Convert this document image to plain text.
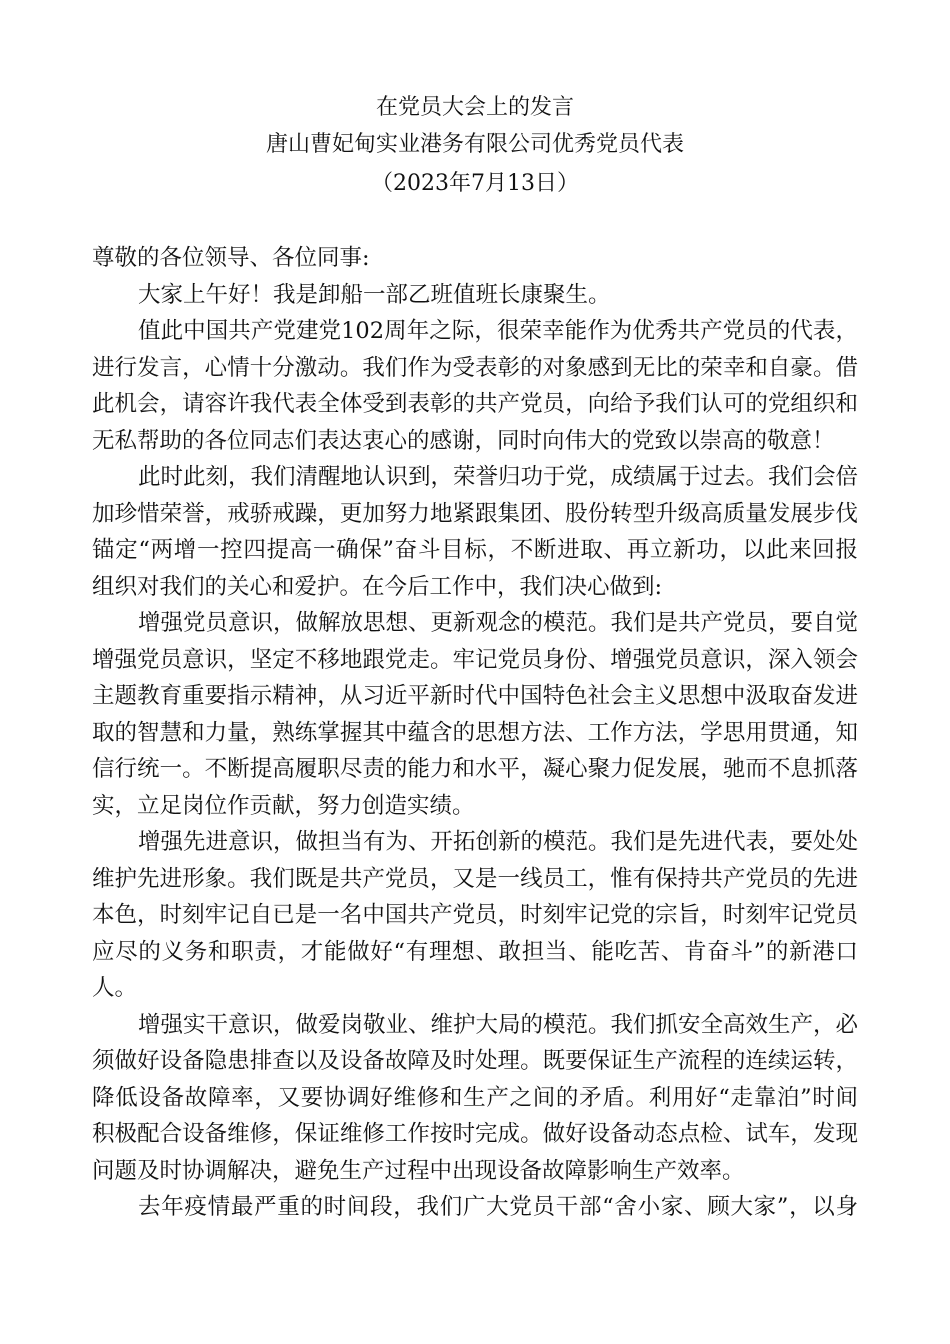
在党员大会上的发言
唐山曹妃甸实业港务有限公司优秀党员代表
（2023年7月13日）
尊敬的各位领导、各位同事:
大家上午好！我是卸船一部乙班值班长康聚生。
值此中国共产党建党102周年之际，很荣幸能作为优秀共产党员的代表，
进行发言，心情十分激动。我们作为受表彰的对象感到无比的荣幸和自豪。借
此机会，请容许我代表全体受到表彰的共产党员，向给予我们认可的党组织和
无私帮助的各位同志们表达衷心的感谢，同时向伟大的党致以崇高的敬意！
此时此刻，我们清醒地认识到，荣誉归功于党，成绩属于过去。我们会倍
加珍惜荣誉，戒骄戒躁，更加努力地紧跟集团、股份转型升级高质量发展步伐
锚定“两增一控四提高一确保”奋斗目标，不断进取、再立新功，以此来回报
组织对我们的关心和爱护。在今后工作中，我们决心做到:
增强党员意识，做解放思想、更新观念的模范。我们是共产党员，要自觉
增强党员意识，坚定不移地跟党走。牢记党员身份、增强党员意识，深入领会
主题教育重要指示精神，从习近平新时代中国特色社会主义思想中汲取奋发进
取的智慧和力量，熟练掌握其中蕴含的思想方法、工作方法，学思用贯通，知
信行统一。不断提高履职尽责的能力和水平，凝心聚力促发展，驰而不息抓落
实，立足岗位作贡献，努力创造实绩。
增强先进意识，做担当有为、开拓创新的模范。我们是先进代表，要处处
维护先进形象。我们既是共产党员，又是一线员工，惟有保持共产党员的先进
本色，时刻牢记自已是一名中国共产党员，时刻牢记党的宗旨，时刻牢记党员
应尽的义务和职责，才能做好“有理想、敢担当、能吃苦、肯奋斗”的新港口
人。
增强实干意识，做爱岗敬业、维护大局的模范。我们抓安全高效生产，必
须做好设备隐患排查以及设备故障及时处理。既要保证生产流程的连续运转，
降低设备故障率，又要协调好维修和生产之间的矛盾。利用好“走靠泊”时间
积极配合设备维修，保证维修工作按时完成。做好设备动态点检、试车，发现
问题及时协调解决，避免生产过程中出现设备故障影响生产效率。
去年疫情最严重的时间段，我们广大党员干部“舍小家、顾大家”，以身
